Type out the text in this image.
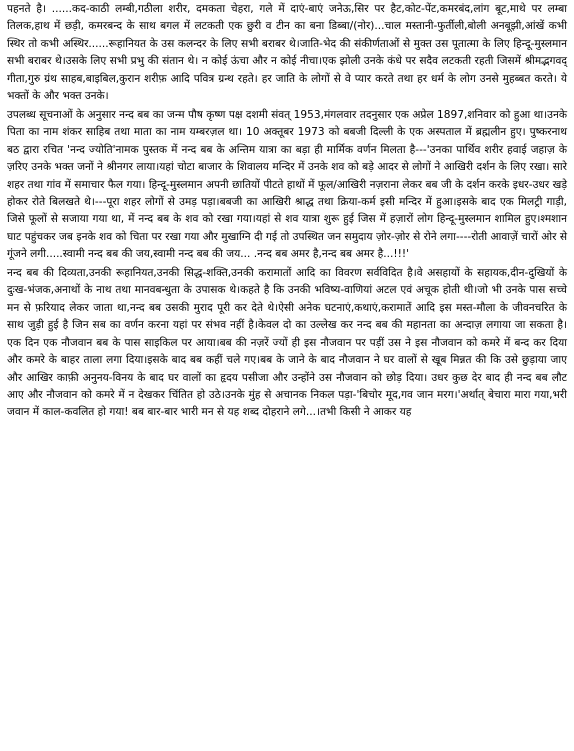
पहनते है। ......कद-काठी लम्बी,गठीला शरीर, दमकता चेहरा, गले में दाएं-बाएं जनेऊ,सिर पर हैट,कोट-पेंट,कमरबंद,लांग बूट,माथे पर लम्बा तिलक,हाथ में छड़ी, कमरबन्द के साथ बगल में लटकती एक छुरी व टीन का बना डिब्बा/(नोर)...चाल मस्तानी-फुर्तीली,बोली अनबूझी,आंखें कभी स्थिर तो कभी अस्थिर......रूहानियत के उस कलन्दर के लिए सभी बराबर थे।जाति-भेद की संकीर्णताओं से मुक्त उस पूतात्मा के लिए हिन्दू-मुस्लमान सभी बराबर थे।उसके लिए सभी प्रभु की संतान थे। न कोई ऊंचा और न कोई नीचा।एक झोली उनके कंधे पर सदैव लटकती रहती जिसमें श्रीमद्भगवद् गीता,गुरु ग्रंथ साहब,बाइबिल,कुरान शरीफ़ आदि पवित्र ग्रन्थ रहते। हर जाति के लोगों से वे प्यार करते तथा हर धर्म के लोग उनसे मुहब्बत करते। ये भक्तों के और भक्त उनके।

उपलब्ध सूचनाओं के अनुसार नन्द बब का जन्म पौष कृष्ण पक्ष दशमी संवत् 1953,मंगलवार तदनुसार एक अप्रेल 1897,शनिवार को हुआ था।उनके पिता का नाम शंकर साहिब तथा माता का नाम यम्बरज़ल था। 10 अक्तूबर 1973 को बबजी दिल्ली के एक अस्पताल में ब्रह्मलीन हुए। पुष्करनाथ बठ द्वारा रचित 'नन्द ज्योति'नामक पुस्तक में नन्द बब के अन्तिम यात्रा का बड़ा ही मार्मिक वर्णन मिलता है---'उनका पार्थिव शरीर हवाई जहाज़ के ज़रिए उनके भक्त जनों ने श्रीनगर लाया।यहां चोटा बाजार के शिवालय मन्दिर में उनके शव को बड़े आदर से लोगों ने आखिरी दर्शन के लिए रखा। सारे शहर तथा गांव में समाचार फैल गया। हिन्दू-मुस्लमान अपनी छातियों पीटते हाथों में फूल/आखिरी नज़राना लेकर बब जी के दर्शन करके इधर-उधर खड़े होकर रोते बिलखते थे।---पूरा शहर लोगों से उमड़ पड़ा।बबजी का आखिरी श्राद्ध तथा क्रिया-कर्म इसी मन्दिर में हुआ।इसके बाद एक मिलट्री गाड़ी, जिसे फूलों से सजाया गया था, में नन्द बब के शव को रखा गया।यहां से शव यात्रा शुरू हुई जिस में हज़ारों लोग हिन्दू-मुस्लमान शामिल हुए।श्मशान घाट पहुंचकर जब इनके शव को चिता पर रखा गया और मुखाग्नि दी गई तो उपस्थित जन समुदाय ज़ोर-ज़ोर से रोने लगा----रोती आवाज़ें चारों ओर से गूंजने लगी.....स्वामी नन्द बब की जय,स्वामी नन्द बब की जय... .नन्द बब अमर है,नन्द बब अमर है...!!!'

नन्द बब की दिव्यता,उनकी रूहानियत,उनकी सिद्ध-शक्ति,उनकी करामातों आदि का विवरण सर्वविदित है।वे असहायों के सहायक,दीन-दुखियों के दुःख-भंजक,अनाथों के नाथ तथा मानवबन्धुता के उपासक थे।कहते है कि उनकी भविष्य-वाणियां अटल एवं अचूक होती थी।जो भी उनके पास सच्चे मन से फ़रियाद लेकर जाता था,नन्द बब उसकी मुराद पूरी कर देते थे।ऐसी अनेक घटनाएं,कथाएं,करामातें आदि इस मस्त-मौला के जीवनचरित के साथ जुड़ी हुई है जिन सब का वर्णन करना यहां पर संभव नहीं है।केवल दो का उल्लेख कर नन्द बब की महानता का अन्दाज़ लगाया जा सकता है। एक दिन एक नौजवान बब के पास साइकिल पर आया।बब की नज़रें ज्यों ही इस नौजवान पर पड़ीं उस ने इस नौजवान को कमरे में बन्द कर दिया और कमरे के बाहर ताला लगा दिया।इसके बाद बब कहीं चले गए।बब के जाने के बाद नौजवान ने घर वालों से खूब मिन्नत की कि उसे छुड़ाया जाए और आखिर काफ़ी अनुनय-विनय के बाद घर वालों का हृदय पसीजा और उन्होंने उस नौजवान को छोड़ दिया। उधर कुछ देर बाद ही नन्द बब लौट आए और नौजवान को कमरे में न देखकर चिंतित हो उठे।उनके मुंह से अचानक निकल पड़ा-'बिचोर मूद,गव जान मरग।'अर्थात् बेचारा मारा गया,भरी जवान में काल-कवलित हो गया! बब बार-बार भारी मन से यह शब्द दोहराने लगे...।तभी किसी ने आकर यह
